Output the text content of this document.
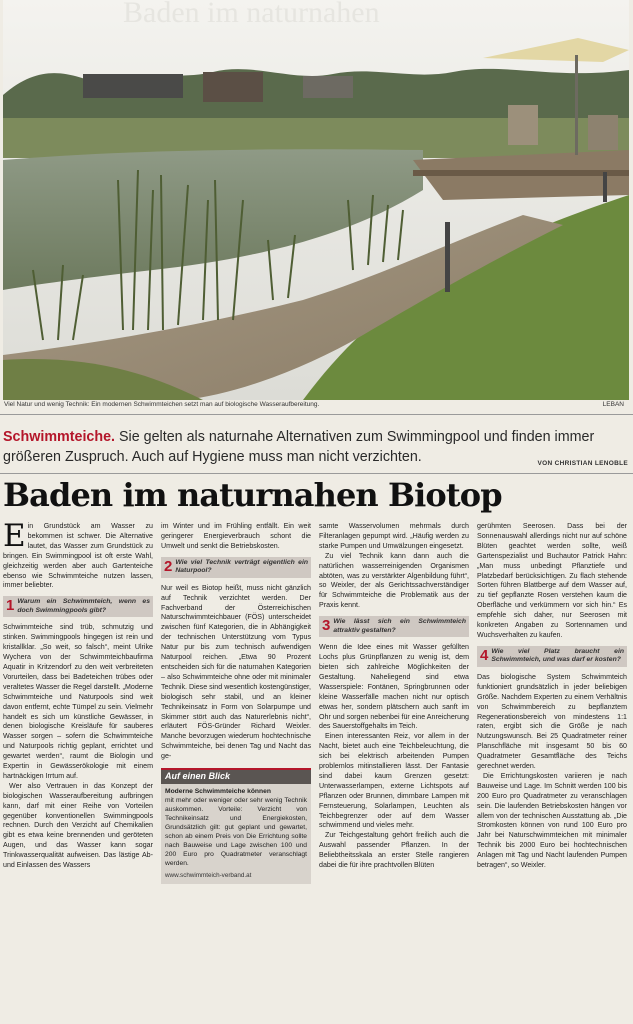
Baden im naturnahen
Viel Natur und wenig Technik: Ein modernen Schwimmteichen setzt man auf biologische Wasseraufbereitung.	LEBAN
Schwimmteiche. Sie gelten als naturnahe Alternativen zum Swimmingpool und finden immer größeren Zuspruch. Auch auf Hygiene muss man nicht verzichten.	VON CHRISTIAN LENOBLE
Baden im naturnahen Biotop

Ein Grundstück am Wasser zu bekommen ist schwer. Die Alternative lautet, das Wasser zum Grundstück zu bringen. Ein Swimmingpool ist oft erste Wahl, gleichzeitig werden aber auch Gartenteiche ebenso wie Schwimmteiche nutzen lassen, immer beliebter.

1 Warum ein Schwimmteich, wenn es doch Swimmingpools gibt?

Schwimmteiche sind trüb, schmutzig und stinken. Swimmingpools hingegen ist rein und kristallklar. „So weit, so falsch“, meint Ulrike Wychera von der Schwimmteichbaufirma Aquatir in Kritzendorf zu den weit verbreiteten Vorurteilen, dass bei Badeteichen trübes oder veraltetes Wasser die Regel darstellt. „Moderne Schwimmteiche und Naturpools sind weit davon entfernt, echte Tümpel zu sein. Vielmehr handelt es sich um künstliche Gewässer, in denen biologische Kreisläufe für sauberes Wasser sorgen – sofern die Schwimmteiche und Naturpools richtig geplant, errichtet und gewartet werden“, raumt die Biologin und Expertin in Gewässerökologie mit einem hartnäckigen Irrtum auf.

Wer also Vertrauen in das Konzept der biologischen Wasseraufbereitung aufbringen kann, darf mit einer Reihe von Vorteilen gegenüber konventionellen Swimmingpools rechnen. Durch den Verzicht auf Chemikalien gibt es etwa keine brennenden und geröteten Augen, und das Wasser kann sogar Trinkwasserqualität aufweisen. Das lästige Ab- und Einlassen des Wassers

im Winter und im Frühling entfällt. Ein weit geringerer Energieverbrauch schont die Umwelt und senkt die Betriebskosten.

2 Wie viel Technik verträgt eigentlich ein Naturpool?

Nur weil es Biotop heißt, muss nicht gänzlich auf Technik verzichtet werden. Der Fachverband der Österreichischen Naturschwimmteichbauer (FÖS) unterscheidet zwischen fünf Kategorien, die in Abhängigkeit der technischen Unterstützung vom Typus Natur pur bis zum technisch aufwendigen Naturpool reichen. „Etwa 90 Prozent entscheiden sich für die naturnahen Kategorien – also Schwimmteiche ohne oder mit minimaler Technik. Diese sind wesentlich kostengünstiger, biologisch sehr stabil, und an kleiner Technikeinsatz in Form von Solarpumpe und Skimmer stört auch das Naturerlebnis nicht“, erläutert FÖS-Gründer Richard Weixler. Manche bevorzugen wiederum hochtechnische Schwimmteiche, bei denen Tag und Nacht das ge-

Auf einen Blick
Moderne Schwimmteiche können
mit mehr oder weniger oder sehr wenig Technik auskommen. Vorteile: Verzicht von Technikeinsatz und Energiekosten, Grundsätzlich gilt: gut geplant und gewartet, schon ab einem Preis von Die Errichtung sollte nach Bauweise und Lage zwischen 100 und 200 Euro pro Quadratmeter veranschlagt werden.
www.schwimmteich-verband.at

samte Wasservolumen mehrmals durch Filteranlagen gepumpt wird. „Häufig werden zu starke Pumpen und Umwälzungen eingesetzt.

Zu viel Technik kann dann auch die natürlichen wasserreinigenden Organismen abtöten, was zu verstärkter Algenbildung führt“, so Weixler, der als Gerichtssachverständiger für Schwimmteiche die Problematik aus der Praxis kennt.

3 Wie lässt sich ein Schwimmteich attraktiv gestalten?

Wenn die Idee eines mit Wasser gefüllten Lochs plus Grünpflanzen zu wenig ist, dem bieten sich zahlreiche Möglichkeiten der Gestaltung. Naheliegend sind etwa Wasserspiele: Fontänen, Springbrunnen oder kleine Wasserfälle machen nicht nur optisch etwas her, sondern plätschern auch sanft im Ohr und sorgen nebenbei für eine Anreicherung des Sauerstoffgehalts im Teich.

Einen interessanten Reiz, vor allem in der Nacht, bietet auch eine Teichbeleuchtung, die sich bei elektrisch arbeitenden Pumpen problemlos mitinstallieren lässt. Der Fantasie sind dabei kaum Grenzen gesetzt: Unterwasserlampen, externe Lichtspots auf Pflanzen oder Brunnen, dimmbare Lampen mit Fernsteuerung, Solarlampen, Leuchten als Teichbegrenzer oder auf dem Wasser schwimmend und vieles mehr.

Zur Teichgestaltung gehört freilich auch die Auswahl passender Pflanzen. In der Beliebtheitsskala an erster Stelle rangieren dabei die für ihre prachtvollen Blüten

gerühmten Seerosen. Dass bei der Sonnenauswahl allerdings nicht nur auf schöne Blüten geachtet werden sollte, weiß Gartenspezialist und Buchautor Patrick Hahn: „Man muss unbedingt Pflanztiefe und Platzbedarf berücksichtigen. Zu flach stehende Sorten führen Blattberge auf dem Wasser auf, zu tief gepflanzte Rosen verstehen kaum die Oberfläche und verkümmern vor sich hin.“ Es empfehle sich daher, nur Seerosen mit konkreten Angaben zu Sortennamen und Wuchsverhalten zu kaufen.

4 Wie viel Platz braucht ein Schwimmteich, und was darf er kosten?

Das biologische System Schwimmteich funktioniert grundsätzlich in jeder beliebigen Größe. Nachdem Experten zu einem Verhältnis von Schwimmbereich zu bepflanztem Regenerationsbereich von mindestens 1:1 raten, ergibt sich die Größe je nach Nutzungswunsch. Bei 25 Quadratmeter reiner Planschfläche mit insgesamt 50 bis 60 Quadratmeter Gesamtfläche des Teichs gerechnet werden.

Die Errichtungskosten variieren je nach Bauweise und Lage. Im Schnitt werden 100 bis 200 Euro pro Quadratmeter zu veranschlagen sein. Die laufenden Betriebskosten hängen vor allem von der technischen Ausstattung ab. „Die Stromkosten können von rund 100 Euro pro Jahr bei Naturschwimmteichen mit minimaler Technik bis 2000 Euro bei hochtechnischen Anlagen mit Tag und Nacht laufenden Pumpen betragen“, so Weixler.
